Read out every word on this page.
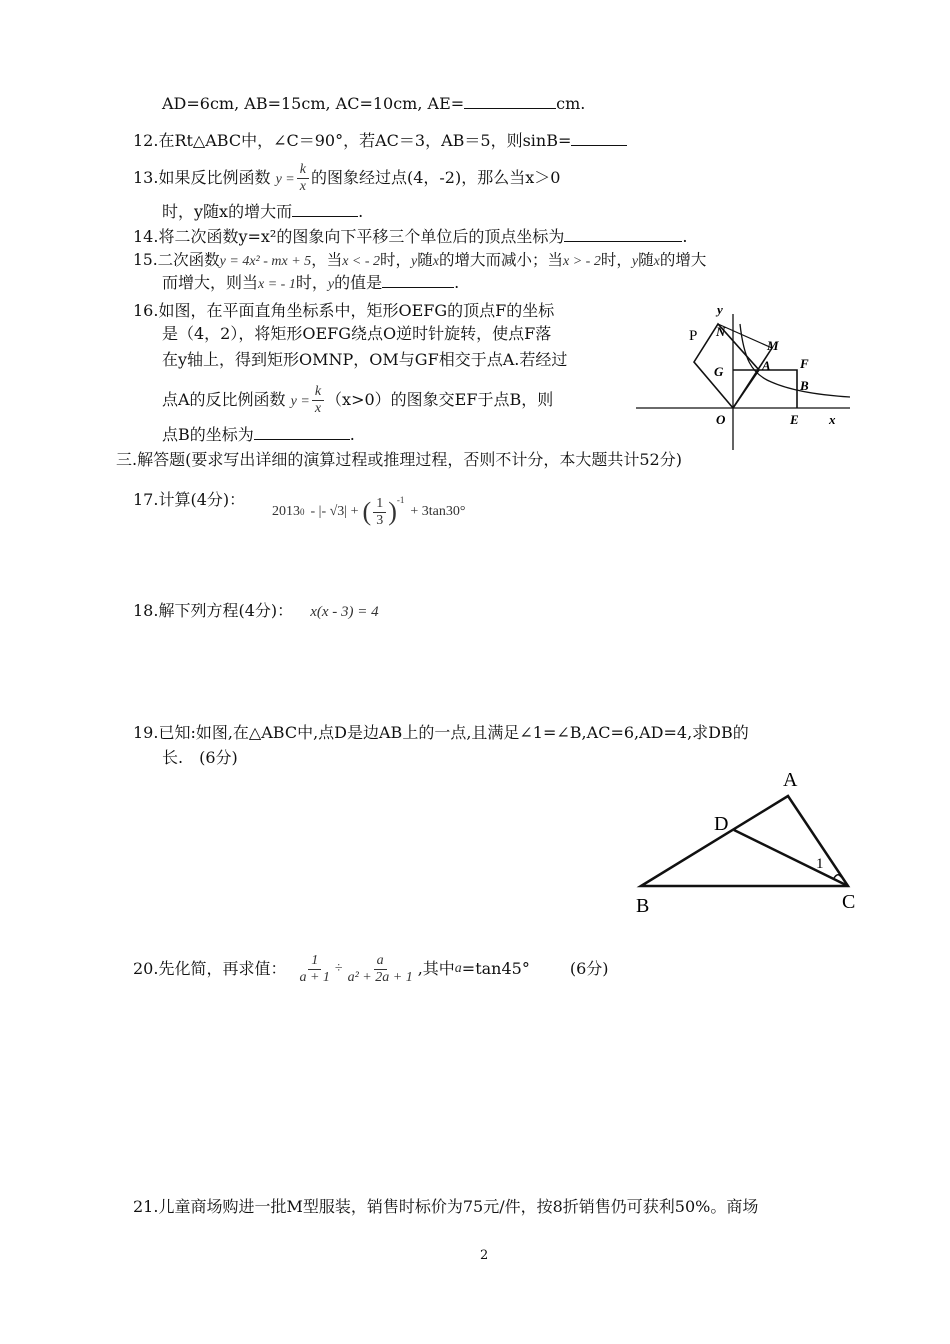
AD=6cm, AB=15cm, AC=10cm, AE=	cm.
12.在Rt△ABC中，∠C＝90°，若AC＝3，AB＝5，则sinB=
13.如果反比例函数 $y = \frac{k}{x}$ 的图象经过点(4，-2)，那么当x＞0
时，y随x的增大而	.
14.将二次函数y=x²的图象向下平移三个单位后的顶点坐标为	.
15.二次函数y = 4x² - mx + 5，当x < - 2时，y随x的增大而减小；当x > - 2时，y随x的增大
而增大，则当x = - 1时，y的值是	.
16.如图，在平面直角坐标系中，矩形OEFG的顶点F的坐标
是（4，2），将矩形OEFG绕点O逆时针旋转，使点F落
在y轴上，得到矩形OMNP，OM与GF相交于点A.若经过
点A的反比例函数 $y = \frac{k}{x} (x>0)$的图象交EF于点B，则
点B的坐标为	.
y
P N
M
A F
G
B
O	E x
三.解答题(要求写出详细的演算过程或推理过程，否则不计分，本大题共计52分)
17.计算(4分)：
2013 0 - |- √3| + ( $\frac{1}{3} )^{-1}$
+ 3tan30°
18.解下列方程(4分)： x(x - 3) = 4
19.已知:如图,在△ABC中,点D是边AB上的一点,且满足∠1=∠B,AC=6,AD=4,求DB的
长.　(6分)
A
D
1
B	C
20. 先化简，再求值： $\frac{1}{a + 1} \div \frac{a}{\text{a² + 2a + 1}}$ ,其中 a =tan45°	(6分)
21.儿童商场购进一批M型服装，销售时标价为75元/件，按8折销售仍可获利50%。商场
2
